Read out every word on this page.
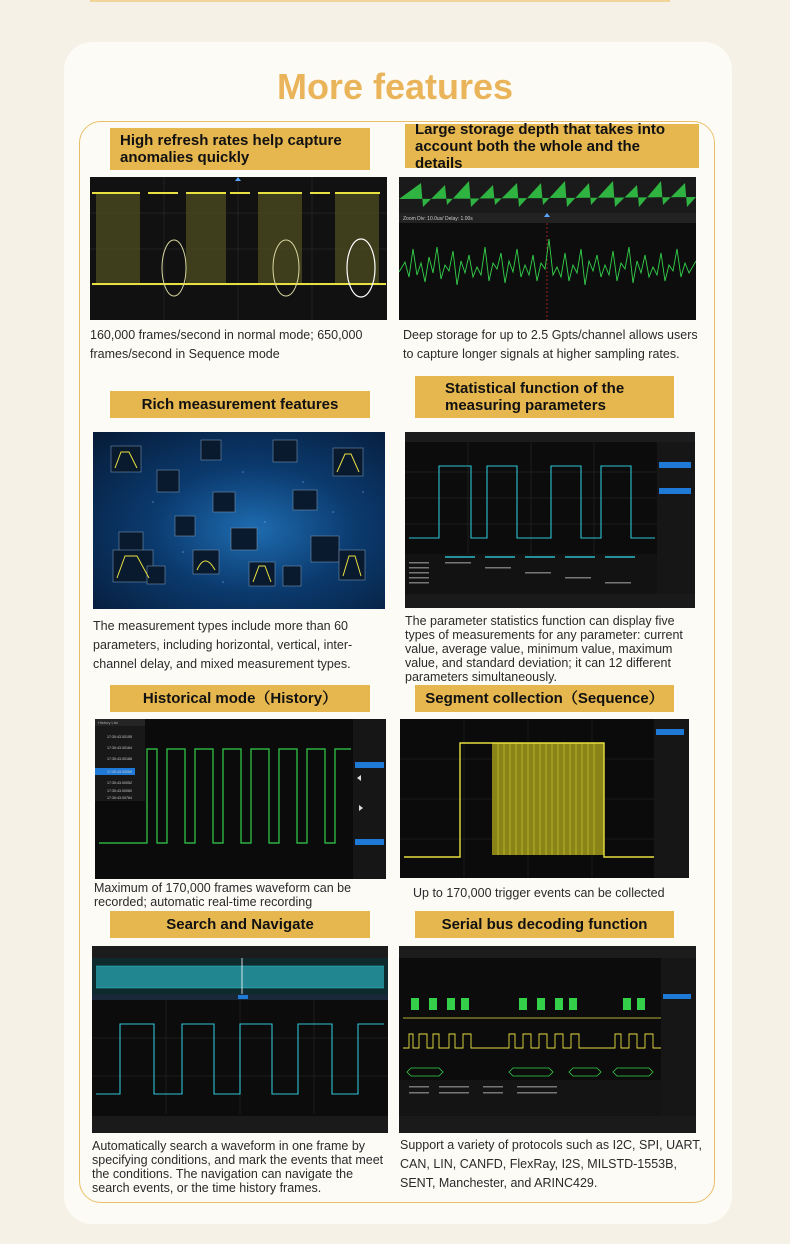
More features
High refresh rates help capture anomalies quickly
Large storage depth that takes into account both the whole and the details
Zoom Div: 10.0us/ Delay: 1.00s
160,000 frames/second in normal mode; 650,000 frames/second in Sequence mode
Deep storage for up to 2.5 Gpts/channel allows users to capture longer signals at higher sampling rates.
Rich measurement features
Statistical function of the measuring parameters
The measurement types include more than 60 parameters, including horizontal, vertical, inter-channel delay, and mixed measurement types.
The parameter statistics function can display five types of measurements for any parameter: current value, average value, minimum value, maximum value, and standard deviation; it can 12 different parameters simultaneously.
Historical mode（History）	Segment collection（Sequence）
History List
17:30:43.00155
17:30:43.00164
17:30:43.00168
17:30:43.00069
17:30:43.00052
17:30:43.00060
17:30:43.00764
Maximum of 170,000 frames waveform can be recorded; automatic real-time recording
Up to 170,000 trigger events can be collected
Search and Navigate	Serial bus decoding function
Automatically search a waveform in one frame by specifying conditions, and mark the events that meet the conditions. The navigation can navigate the search events, or the time history frames.
Support a variety of protocols such as I2C, SPI, UART, CAN, LIN, CANFD, FlexRay, I2S, MILSTD-1553B, SENT, Manchester, and ARINC429.
